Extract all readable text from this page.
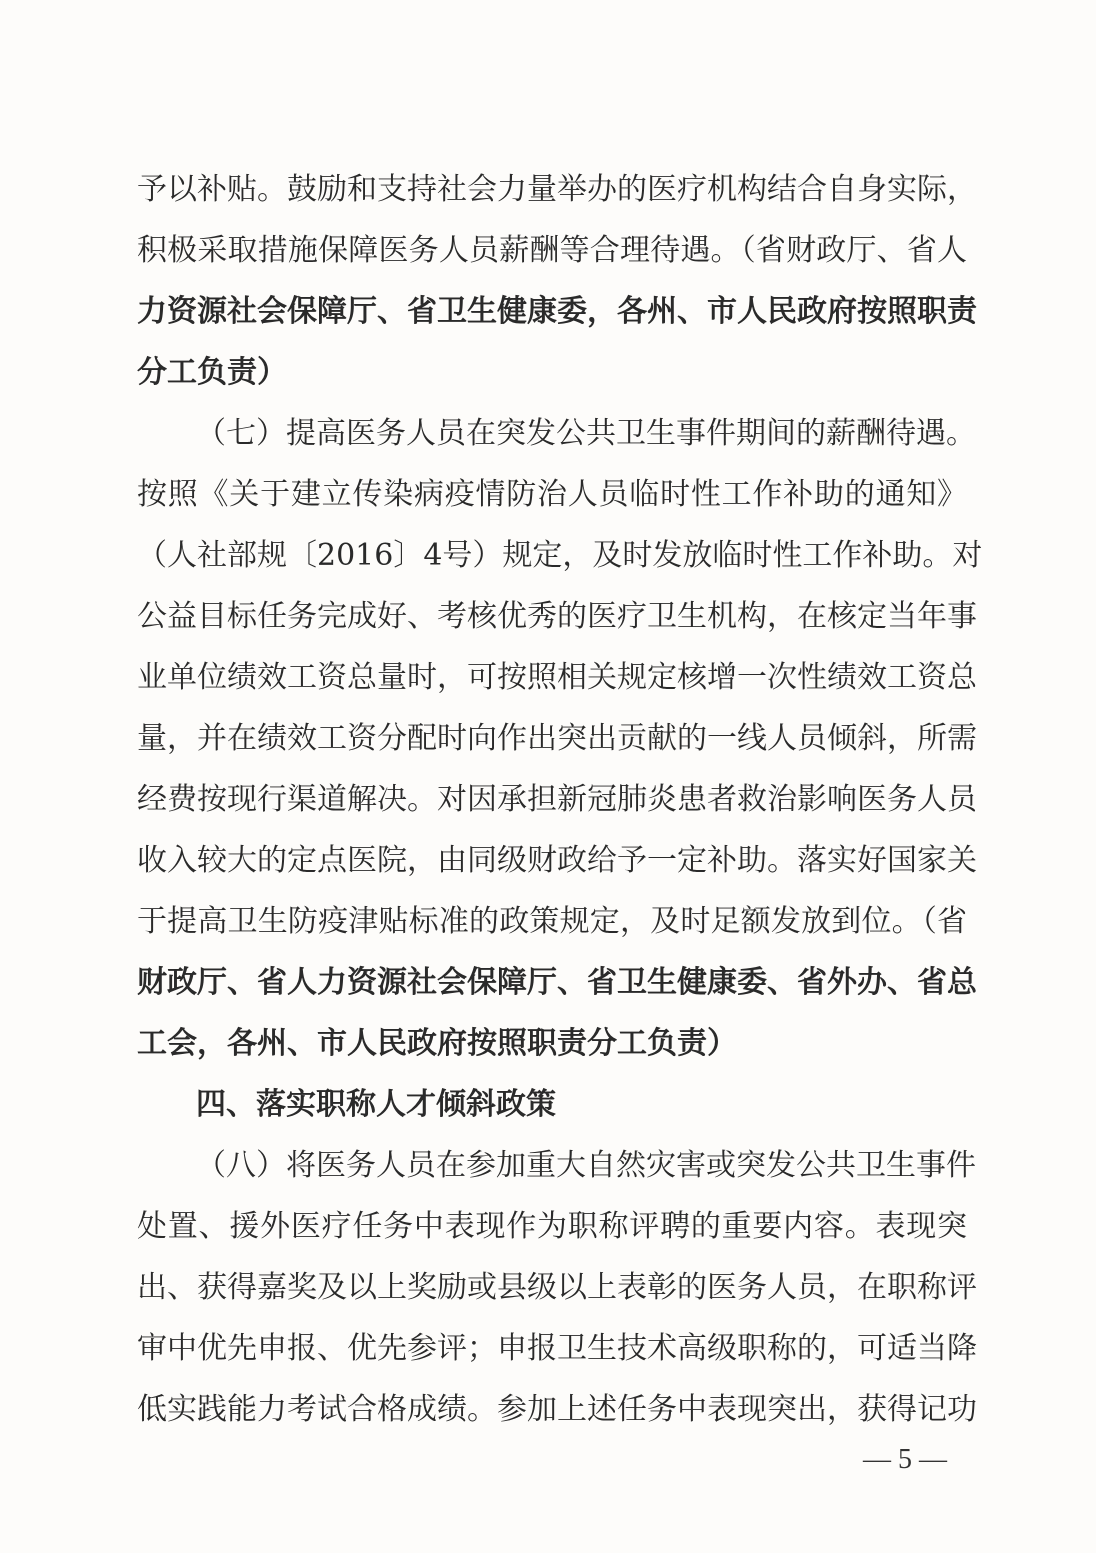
予以补贴。鼓励和支持社会力量举办的医疗机构结合自身实际，
积极采取措施保障医务人员薪酬等合理待遇。（省财政厅、省人
力资源社会保障厅、省卫生健康委，各州、市人民政府按照职责
分工负责）
（七）提高医务人员在突发公共卫生事件期间的薪酬待遇。
按照《关于建立传染病疫情防治人员临时性工作补助的通知》
（人社部规〔2016〕4号）规定，及时发放临时性工作补助。对
公益目标任务完成好、考核优秀的医疗卫生机构，在核定当年事
业单位绩效工资总量时，可按照相关规定核增一次性绩效工资总
量，并在绩效工资分配时向作出突出贡献的一线人员倾斜，所需
经费按现行渠道解决。对因承担新冠肺炎患者救治影响医务人员
收入较大的定点医院，由同级财政给予一定补助。落实好国家关
于提高卫生防疫津贴标准的政策规定，及时足额发放到位。（省
财政厅、省人力资源社会保障厅、省卫生健康委、省外办、省总
工会，各州、市人民政府按照职责分工负责）
四、落实职称人才倾斜政策
（八）将医务人员在参加重大自然灾害或突发公共卫生事件
处置、援外医疗任务中表现作为职称评聘的重要内容。表现突
出、获得嘉奖及以上奖励或县级以上表彰的医务人员，在职称评
审中优先申报、优先参评；申报卫生技术高级职称的，可适当降
低实践能力考试合格成绩。参加上述任务中表现突出，获得记功
— 5 —
